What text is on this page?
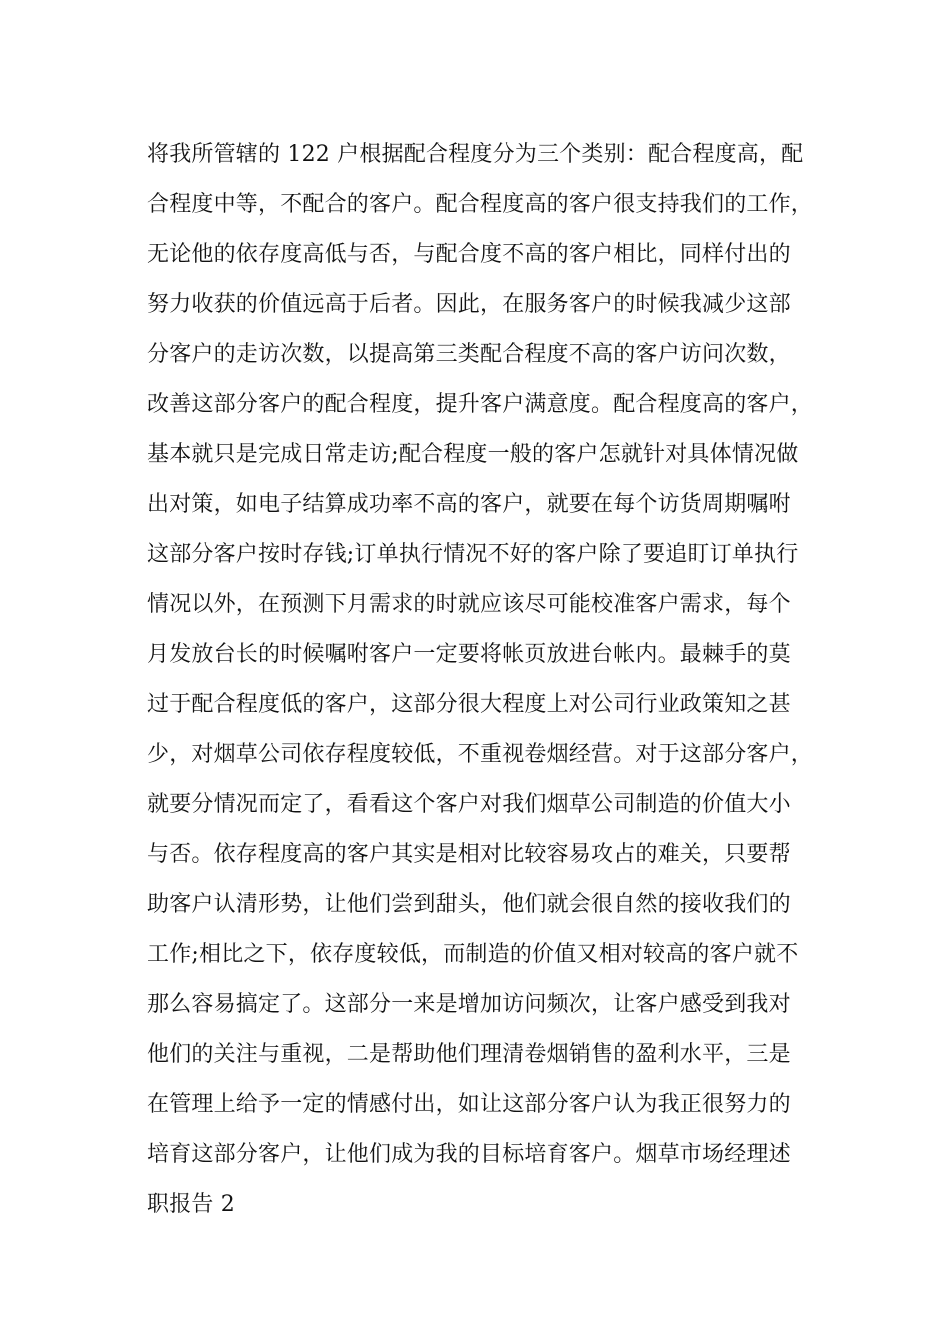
将我所管辖的 122 户根据配合程度分为三个类别：配合程度高，配
合程度中等，不配合的客户。配合程度高的客户很支持我们的工作，
无论他的依存度高低与否，与配合度不高的客户相比，同样付出的
努力收获的价值远高于后者。因此，在服务客户的时候我减少这部
分客户的走访次数，以提高第三类配合程度不高的客户访问次数，
改善这部分客户的配合程度，提升客户满意度。配合程度高的客户，
基本就只是完成日常走访;配合程度一般的客户怎就针对具体情况做
出对策，如电子结算成功率不高的客户，就要在每个访货周期嘱咐
这部分客户按时存钱;订单执行情况不好的客户除了要追盯订单执行
情况以外，在预测下月需求的时就应该尽可能校准客户需求，每个
月发放台长的时候嘱咐客户一定要将帐页放进台帐内。最棘手的莫
过于配合程度低的客户，这部分很大程度上对公司行业政策知之甚
少，对烟草公司依存程度较低，不重视卷烟经营。对于这部分客户，
就要分情况而定了，看看这个客户对我们烟草公司制造的价值大小
与否。依存程度高的客户其实是相对比较容易攻占的难关，只要帮
助客户认清形势，让他们尝到甜头，他们就会很自然的接收我们的
工作;相比之下，依存度较低，而制造的价值又相对较高的客户就不
那么容易搞定了。这部分一来是增加访问频次，让客户感受到我对
他们的关注与重视，二是帮助他们理清卷烟销售的盈利水平，三是
在管理上给予一定的情感付出，如让这部分客户认为我正很努力的
培育这部分客户，让他们成为我的目标培育客户。烟草市场经理述
职报告 2
